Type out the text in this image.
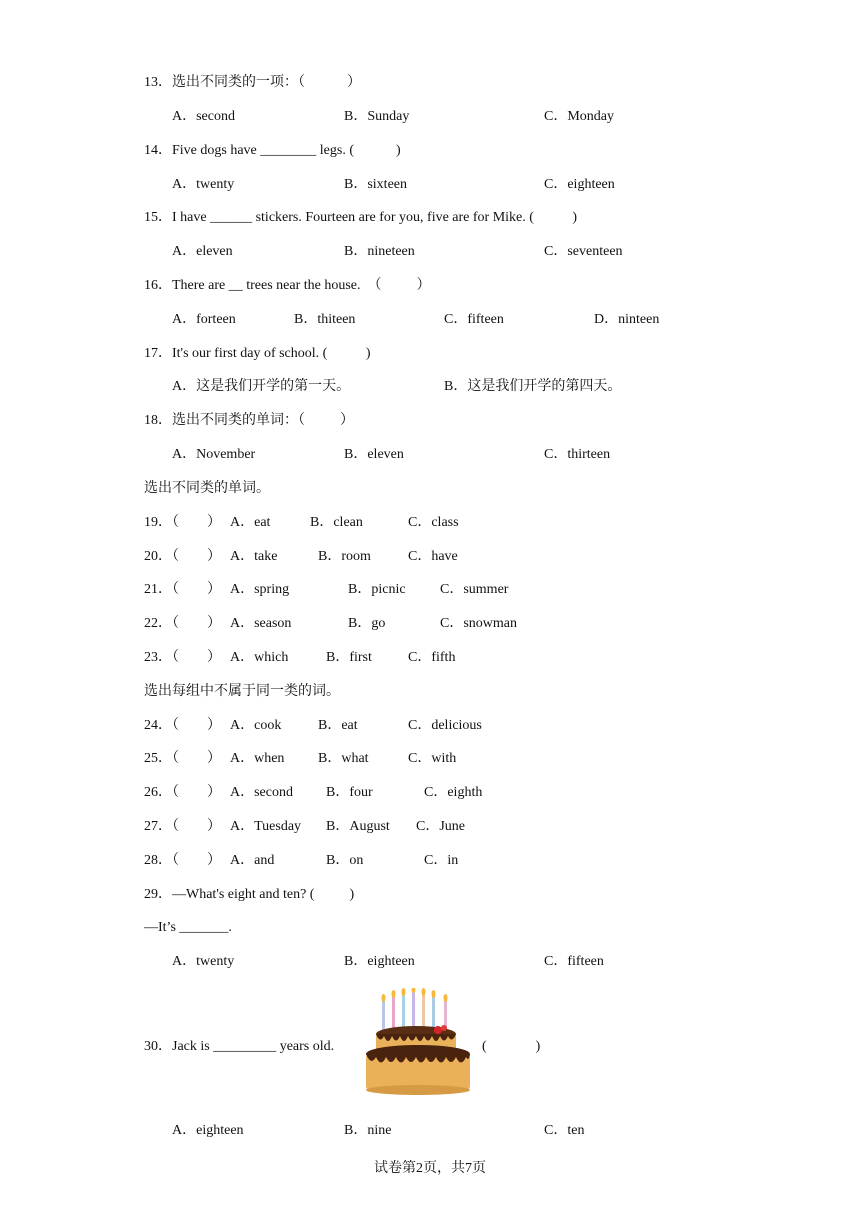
13．选出不同类的一项：（            ）
A．second	B．Sunday	C．Monday
14．Five dogs have ________ legs. (            )
A．twenty	B．sixteen	C．eighteen
15．I have ______ stickers. Fourteen are for you, five are for Mike. (           )
A．eleven	B．nineteen	C．seventeen
16．There are __ trees near the house.  （          ）
A．forteen	B．thiteen	C．fifteen	D．ninteen
17．It's our first day of school. (           )
A．这是我们开学的第一天。	B．这是我们开学的第四天。
18．选出不同类的单词：（          ）
A．November	B．eleven	C．thirteen
选出不同类的单词。
19．（        ） A．eat	B．clean	C．class
20．（        ） A．take	B．room	C．have
21．（        ） A．spring	B．picnic C．summer
22．（        ） A．season	B．go	C．snowman
23．（        ） A．which	B．first	C．fifth
选出每组中不属于同一类的词。
24．（        ） A．cook	B．eat	C．delicious
25．（        ） A．when B．what	C．with
26．（        ） A．second B．four	C．eighth
27．（        ） A．Tuesday B．August C．June
28．（        ） A．and	B．on	C．in
29．—What's eight and ten? (          )
—It’s _______.
A．twenty	B．eighteen	C．fifteen
30．Jack is _________ years old.	(              )
A．eighteen	B．nine	C．ten
试卷第2页，共7页
